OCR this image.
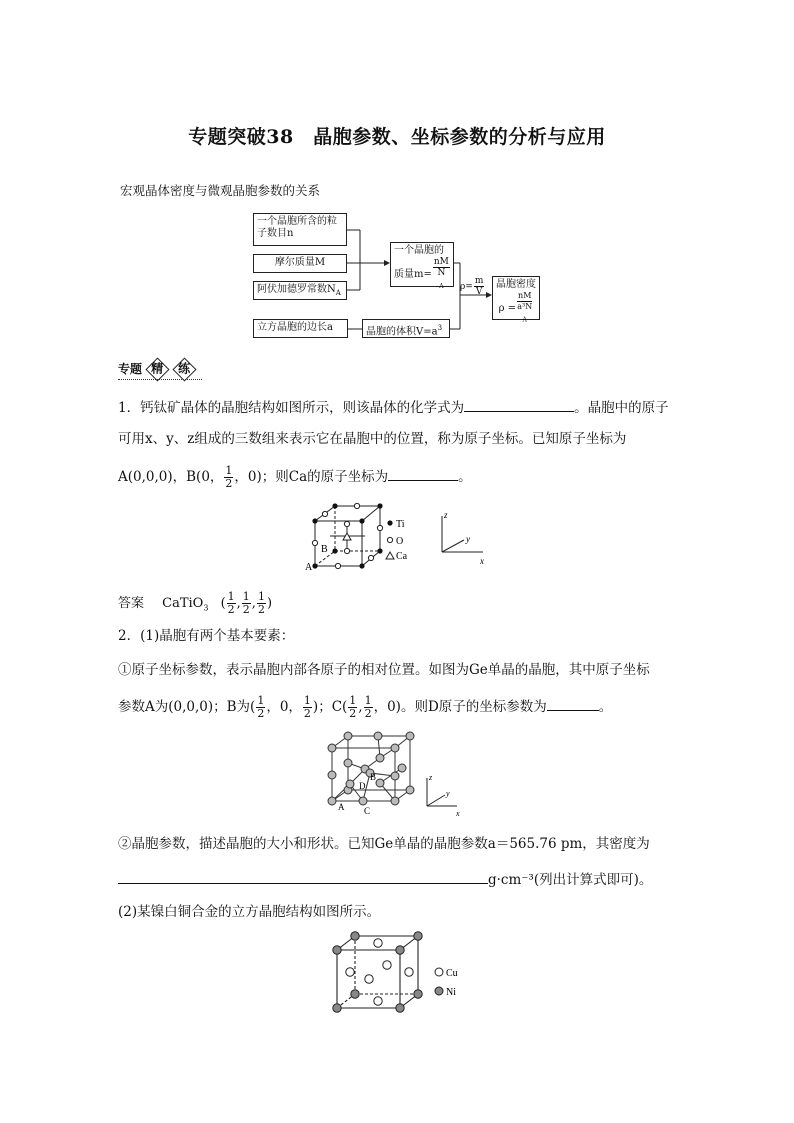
专题突破38　晶胞参数、坐标参数的分析与应用
宏观晶体密度与微观晶胞参数的关系
一个晶胞所含的粒子数目n
摩尔质量M
阿伏加德罗常数$N_A$
立方晶胞的边长a
一个晶胞的
质量m= nM
N
$_A$
晶胞的体积$V=a^3$
$\rho= \frac{m}{V}$ 晶胞密度
ρ = nM
a³N
$_A$
专题 精 练
1．钙钛矿晶体的晶胞结构如图所示，则该晶体的化学式为	。晶胞中的原子
可用x、y、z组成的三数组来表示它在晶胞中的位置，称为原子坐标。已知原子坐标为
A(0,0,0)，B(0， $\frac{1}{2}$ ，0)；则Ca的原子坐标为	。
A
B
Ti
O
Ca
z
y
x
答案 CaTiO$_3$ ( $\frac{1}{2}$ , $\frac{1}{2}$ , $\frac{1}{2}$ )
2．(1)晶胞有两个基本要素：
①原子坐标参数，表示晶胞内部各原子的相对位置。如图为Ge单晶的晶胞，其中原子坐标
参数A为(0,0,0)；B为( $\frac{1}{2}$ ，0， $\frac{1}{2}$ )；$C( \frac{1}{2}$ , $\frac{1}{2}$ ，0)。则D原子的坐标参数为	。
A
B
C
D
z
y
x
②晶胞参数，描述晶胞的大小和形状。已知Ge单晶的晶胞参数a＝565.76 pm，其密度为
g·cm⁻³(列出计算式即可)。
(2)某镍白铜合金的立方晶胞结构如图所示。
Cu
Ni
